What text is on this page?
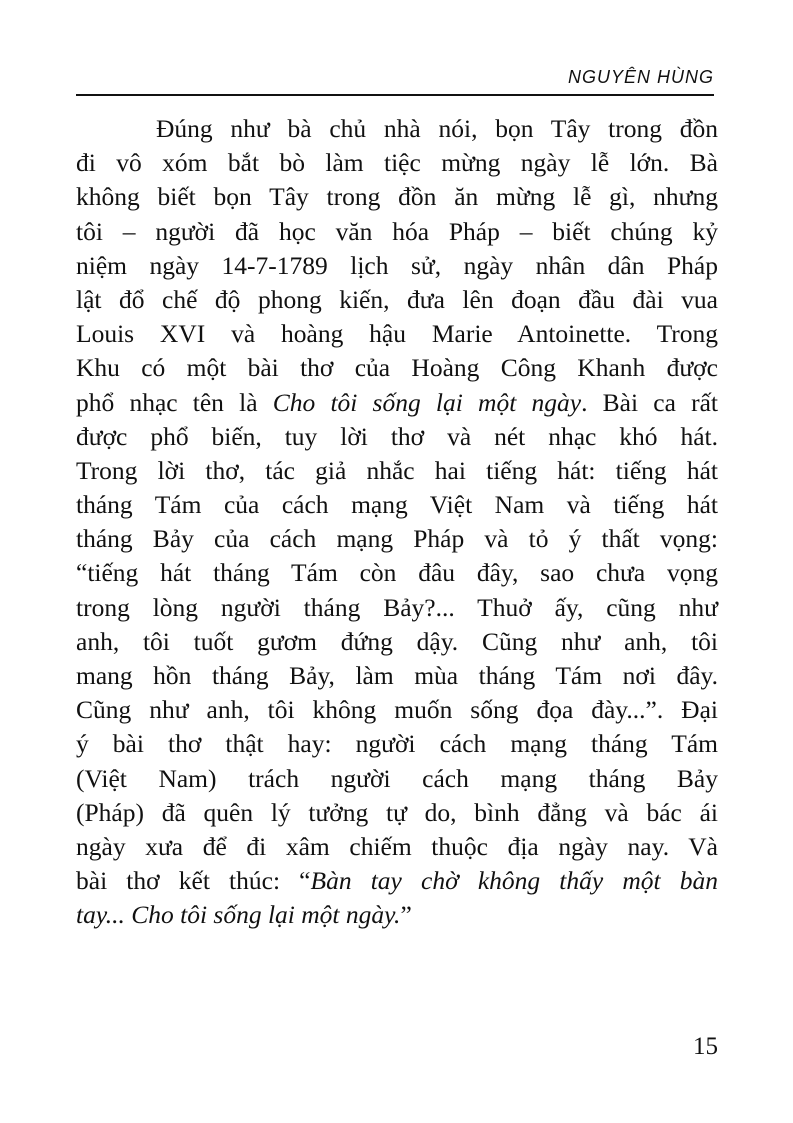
NGUYÊN HÙNG
Đúng như bà chủ nhà nói, bọn Tây trong đồn
đi vô xóm bắt bò làm tiệc mừng ngày lễ lớn. Bà
không biết bọn Tây trong đồn ăn mừng lễ gì, nhưng
tôi – người đã học văn hóa Pháp – biết chúng kỷ
niệm ngày 14-7-1789 lịch sử, ngày nhân dân Pháp
lật đổ chế độ phong kiến, đưa lên đoạn đầu đài vua
Louis XVI và hoàng hậu Marie Antoinette. Trong
Khu có một bài thơ của Hoàng Công Khanh được
phổ nhạc tên là Cho tôi sống lại một ngày. Bài ca rất
được phổ biến, tuy lời thơ và nét nhạc khó hát.
Trong lời thơ, tác giả nhắc hai tiếng hát: tiếng hát
tháng Tám của cách mạng Việt Nam và tiếng hát
tháng Bảy của cách mạng Pháp và tỏ ý thất vọng:
“tiếng hát tháng Tám còn đâu đây, sao chưa vọng
trong lòng người tháng Bảy?... Thuở ấy, cũng như
anh, tôi tuốt gươm đứng dậy. Cũng như anh, tôi
mang hồn tháng Bảy, làm mùa tháng Tám nơi đây.
Cũng như anh, tôi không muốn sống đọa đày...”. Đại
ý bài thơ thật hay: người cách mạng tháng Tám
(Việt Nam) trách người cách mạng tháng Bảy
(Pháp) đã quên lý tưởng tự do, bình đẳng và bác ái
ngày xưa để đi xâm chiếm thuộc địa ngày nay. Và
bài thơ kết thúc: “Bàn tay chờ không thấy một bàn
tay... Cho tôi sống lại một ngày.”
15
